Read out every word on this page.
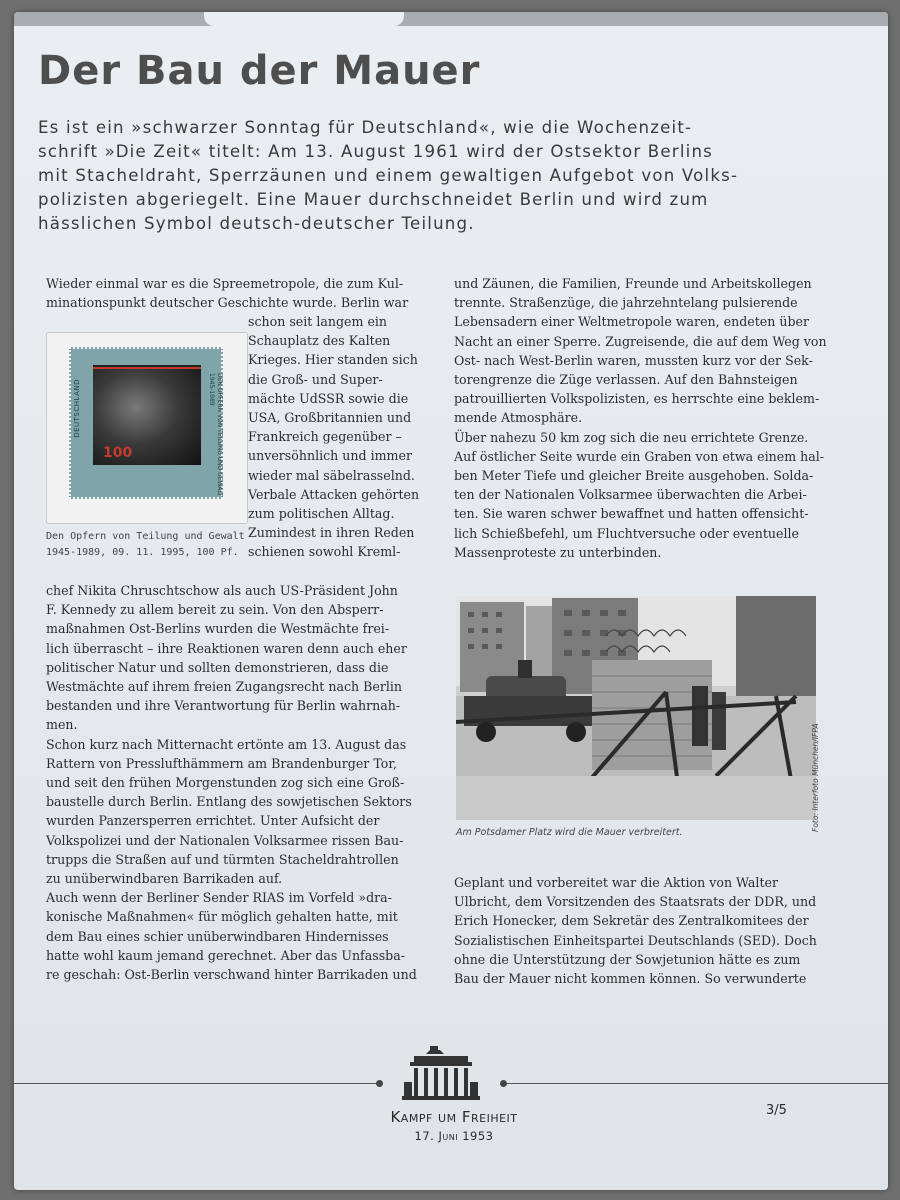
Der Bau der Mauer
Es ist ein »schwarzer Sonntag für Deutschland«, wie die Wochenzeit-
schrift »Die Zeit« titelt: Am 13. August 1961 wird der Ostsektor Berlins
mit Stacheldraht, Sperrzäunen und einem gewaltigen Aufgebot von Volks-
polizisten abgeriegelt. Eine Mauer durchschneidet Berlin und wird zum
hässlichen Symbol deutsch-deutscher Teilung.
Wieder einmal war es die Spreemetropole, die zum Kul-
minationspunkt deutscher Geschichte wurde. Berlin war
schon seit langem ein
Schauplatz des Kalten
Krieges. Hier standen sich
die Groß- und Super-
mächte UdSSR sowie die
USA, Großbritannien und
Frankreich gegenüber –
unversöhnlich und immer
wieder mal säbelrasselnd.
Verbale Attacken gehörten
zum politischen Alltag.
Zumindest in ihren Reden
schienen sowohl Kreml-
100
DEUTSCHLAND	DEN OPFERN VON TEILUNG UND GEWALT 1945-1989
Den Opfern von Teilung und Gewalt
1945-1989, 09. 11. 1995, 100 Pf.
chef Nikita Chruschtschow als auch US-Präsident John
F. Kennedy zu allem bereit zu sein. Von den Absperr-
maßnahmen Ost-Berlins wurden die Westmächte frei-
lich überrascht – ihre Reaktionen waren denn auch eher
politischer Natur und sollten demonstrieren, dass die
Westmächte auf ihrem freien Zugangsrecht nach Berlin
bestanden und ihre Verantwortung für Berlin wahrnah-
men.
Schon kurz nach Mitternacht ertönte am 13. August das
Rattern von Presslufthämmern am Brandenburger Tor,
und seit den frühen Morgenstunden zog sich eine Groß-
baustelle durch Berlin. Entlang des sowjetischen Sektors
wurden Panzersperren errichtet. Unter Aufsicht der
Volkspolizei und der Nationalen Volksarmee rissen Bau-
trupps die Straßen auf und türmten Stacheldrahtrollen
zu unüberwindbaren Barrikaden auf.
Auch wenn der Berliner Sender RIAS im Vorfeld »dra-
konische Maßnahmen« für möglich gehalten hatte, mit
dem Bau eines schier unüberwindbaren Hindernisses
hatte wohl kaum jemand gerechnet. Aber das Unfassba-
re geschah: Ost-Berlin verschwand hinter Barrikaden und
und Zäunen, die Familien, Freunde und Arbeitskollegen
trennte. Straßenzüge, die jahrzehntelang pulsierende
Lebensadern einer Weltmetropole waren, endeten über
Nacht an einer Sperre. Zugreisende, die auf dem Weg von
Ost- nach West-Berlin waren, mussten kurz vor der Sek-
torengrenze die Züge verlassen. Auf den Bahnsteigen
patrouillierten Volkspolizisten, es herrschte eine beklem-
mende Atmosphäre.
Über nahezu 50 km zog sich die neu errichtete Grenze.
Auf östlicher Seite wurde ein Graben von etwa einem hal-
ben Meter Tiefe und gleicher Breite ausgehoben. Solda-
ten der Nationalen Volksarmee überwachten die Arbei-
ten. Sie waren schwer bewaffnet und hatten offensicht-
lich Schießbefehl, um Fluchtversuche oder eventuelle
Massenproteste zu unterbinden.
Foto: Interfoto München/IFPA
Am Potsdamer Platz wird die Mauer verbreitert.
Geplant und vorbereitet war die Aktion von Walter
Ulbricht, dem Vorsitzenden des Staatsrats der DDR, und
Erich Honecker, dem Sekretär des Zentralkomitees der
Sozialistischen Einheitspartei Deutschlands (SED). Doch
ohne die Unterstützung der Sowjetunion hätte es zum
Bau der Mauer nicht kommen können. So verwunderte
Kampf um Freiheit
17. Juni 1953
3/5
